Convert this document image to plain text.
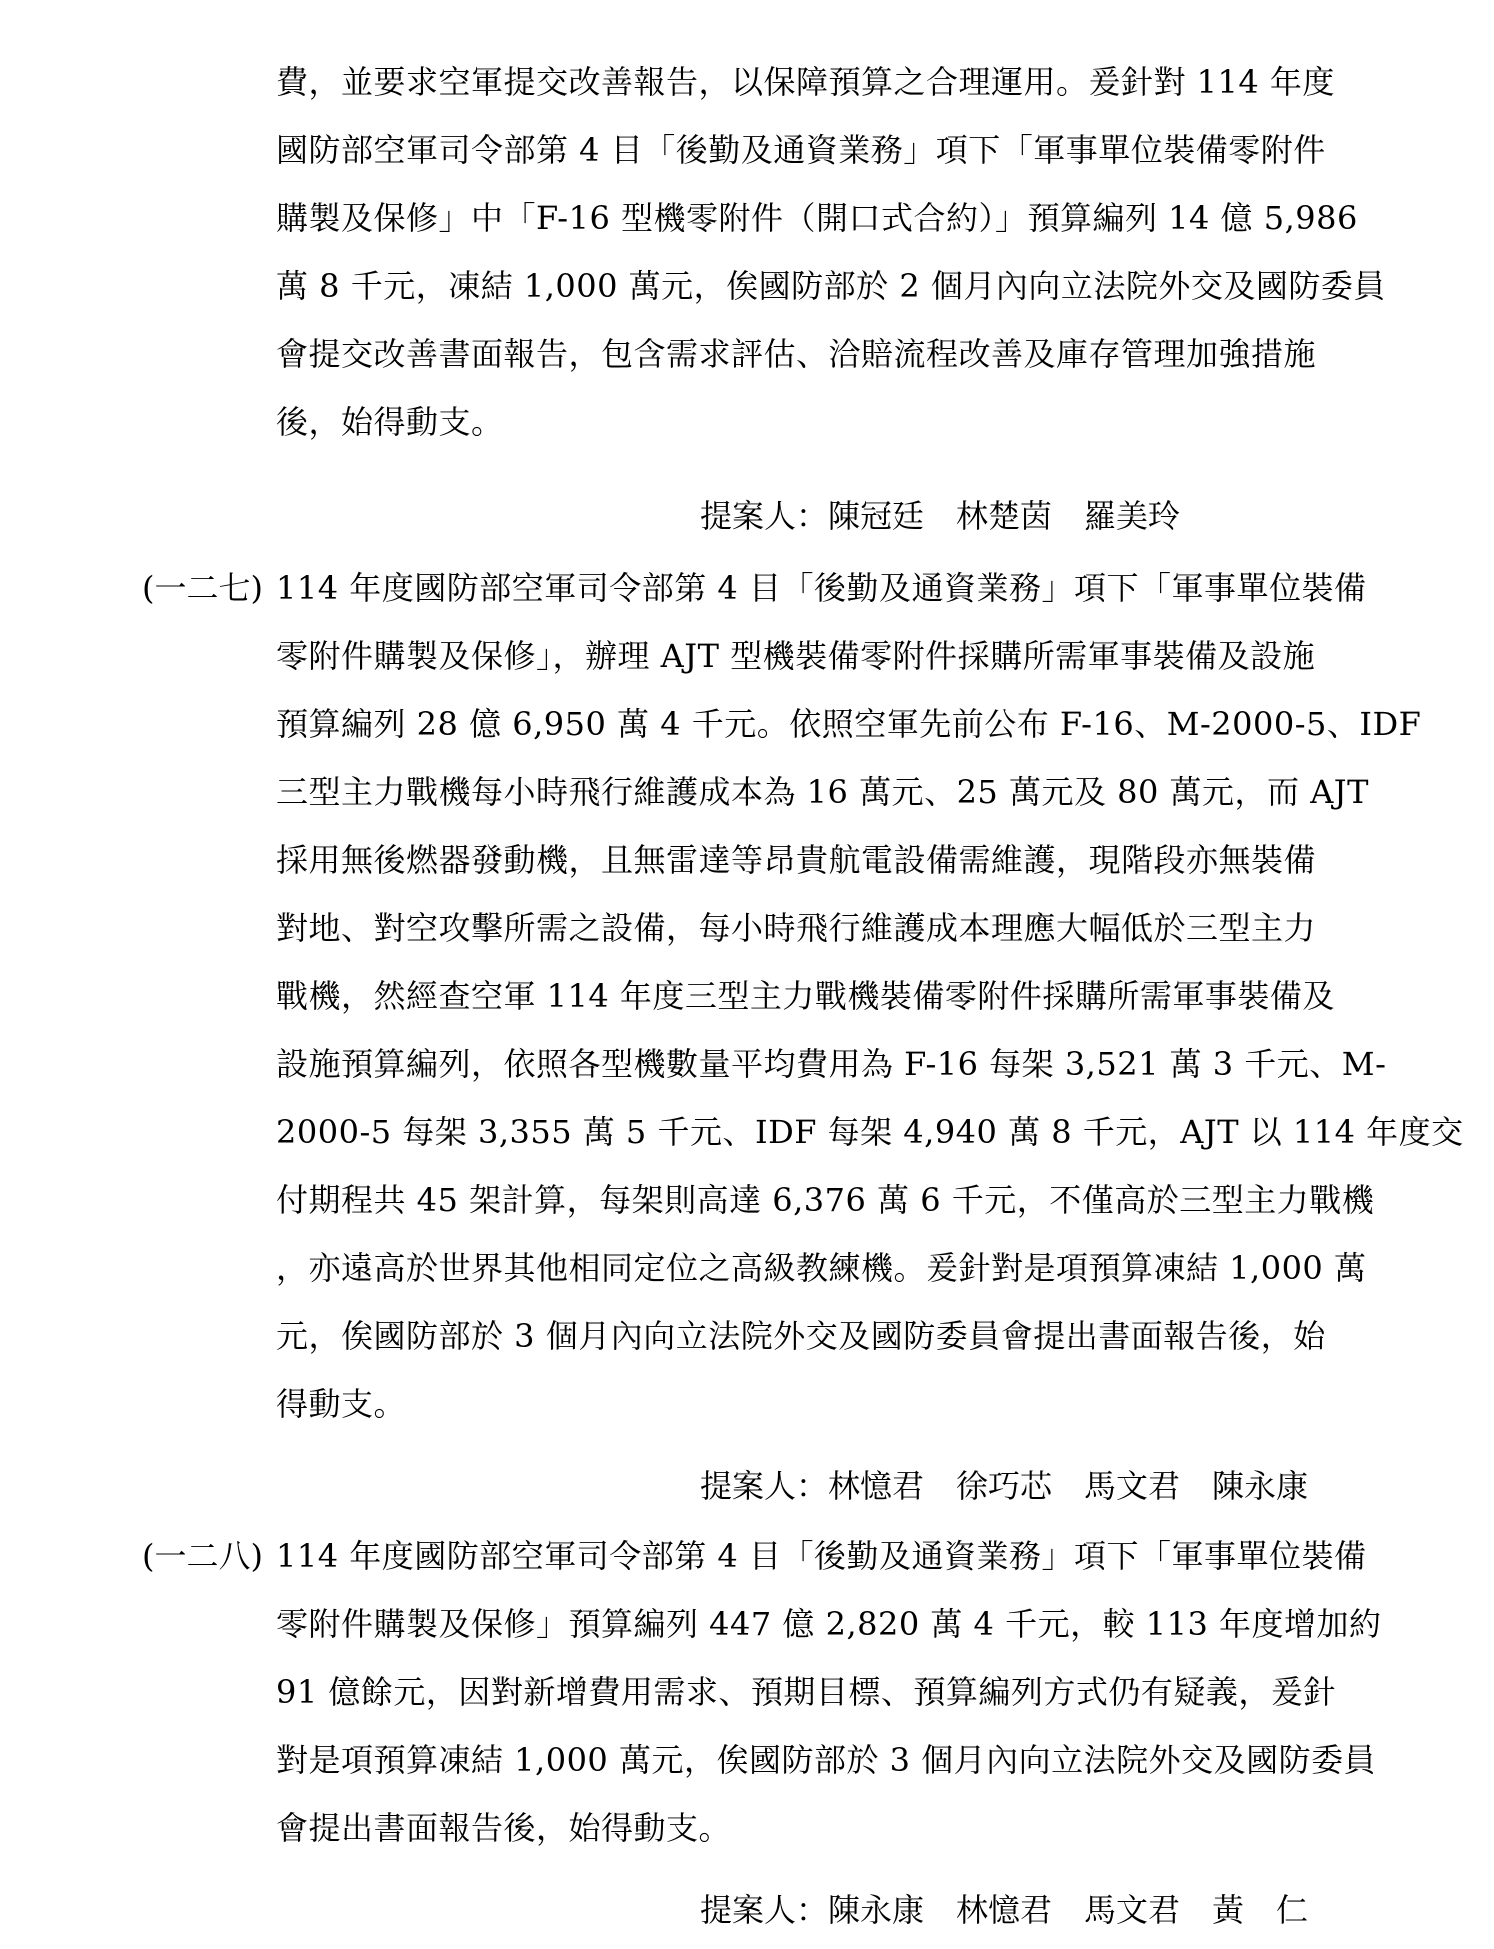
費，並要求空軍提交改善報告，以保障預算之合理運用。爰針對 114 年度
國防部空軍司令部第 4 目「後勤及通資業務」項下「軍事單位裝備零附件
購製及保修」中「F-16 型機零附件（開口式合約）」預算編列 14 億 5,986
萬 8 千元，凍結 1,000 萬元，俟國防部於 2 個月內向立法院外交及國防委員
會提交改善書面報告，包含需求評估、洽賠流程改善及庫存管理加強措施
後，始得動支。
提案人：陳冠廷　林楚茵　羅美玲
(一二七) 114 年度國防部空軍司令部第 4 目「後勤及通資業務」項下「軍事單位裝備
零附件購製及保修」，辦理 AJT 型機裝備零附件採購所需軍事裝備及設施
預算編列 28 億 6,950 萬 4 千元。依照空軍先前公布 F-16、M-2000-5、IDF
三型主力戰機每小時飛行維護成本為 16 萬元、25 萬元及 80 萬元，而 AJT
採用無後燃器發動機，且無雷達等昂貴航電設備需維護，現階段亦無裝備
對地、對空攻擊所需之設備，每小時飛行維護成本理應大幅低於三型主力
戰機，然經查空軍 114 年度三型主力戰機裝備零附件採購所需軍事裝備及
設施預算編列，依照各型機數量平均費用為 F-16 每架 3,521 萬 3 千元、M-
2000-5 每架 3,355 萬 5 千元、IDF 每架 4,940 萬 8 千元，AJT 以 114 年度交
付期程共 45 架計算，每架則高達 6,376 萬 6 千元，不僅高於三型主力戰機
，亦遠高於世界其他相同定位之高級教練機。爰針對是項預算凍結 1,000 萬
元，俟國防部於 3 個月內向立法院外交及國防委員會提出書面報告後，始
得動支。
提案人：林憶君　徐巧芯　馬文君　陳永康
(一二八) 114 年度國防部空軍司令部第 4 目「後勤及通資業務」項下「軍事單位裝備
零附件購製及保修」預算編列 447 億 2,820 萬 4 千元，較 113 年度增加約
91 億餘元，因對新增費用需求、預期目標、預算編列方式仍有疑義，爰針
對是項預算凍結 1,000 萬元，俟國防部於 3 個月內向立法院外交及國防委員
會提出書面報告後，始得動支。
提案人：陳永康　林憶君　馬文君　黃　仁
